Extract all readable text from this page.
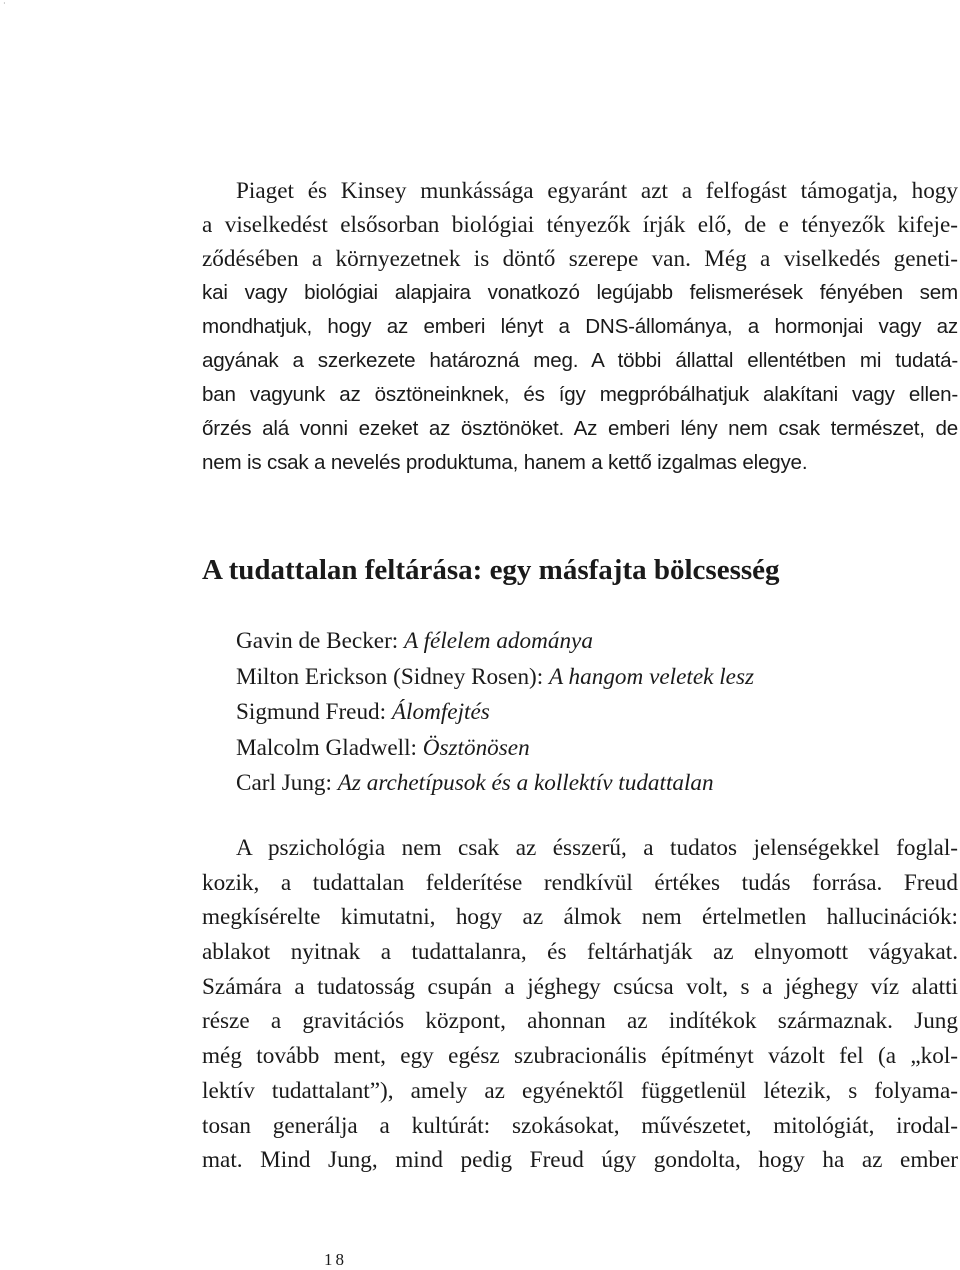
·
Piaget és Kinsey munkássága egyaránt azt a felfogást támogatja, hogy
a viselkedést elsősorban biológiai tényezők írják elő, de e tényezők kifeje-
ződésében a környezetnek is döntő szerepe van. Még a viselkedés geneti-
kai vagy biológiai alapjaira vonatkozó legújabb felismerések fényében sem
mondhatjuk, hogy az emberi lényt a DNS-állománya, a hormonjai vagy az
agyának a szerkezete határozná meg. A többi állattal ellentétben mi tudatá-
ban vagyunk az ösztöneinknek, és így megpróbálhatjuk alakítani vagy ellen-
őrzés alá vonni ezeket az ösztönöket. Az emberi lény nem csak természet, de
nem is csak a nevelés produktuma, hanem a kettő izgalmas elegye.
A tudattalan feltárása: egy másfajta bölcsesség
Gavin de Becker: A félelem adománya
Milton Erickson (Sidney Rosen): A hangom veletek lesz
Sigmund Freud: Álomfejtés
Malcolm Gladwell: Ösztönösen
Carl Jung: Az archetípusok és a kollektív tudattalan
A pszichológia nem csak az ésszerű, a tudatos jelenségekkel foglal-
kozik, a tudattalan felderítése rendkívül értékes tudás forrása. Freud
megkísérelte kimutatni, hogy az álmok nem értelmetlen hallucinációk:
ablakot nyitnak a tudattalanra, és feltárhatják az elnyomott vágyakat.
Számára a tudatosság csupán a jéghegy csúcsa volt, s a jéghegy víz alatti
része a gravitációs központ, ahonnan az indítékok származnak. Jung
még tovább ment, egy egész szubracionális építményt vázolt fel (a „kol-
lektív tudattalant”), amely az egyénektől függetlenül létezik, s folyama-
tosan generálja a kultúrát: szokásokat, művészetet, mitológiát, irodal-
mat. Mind Jung, mind pedig Freud úgy gondolta, hogy ha az ember
18
